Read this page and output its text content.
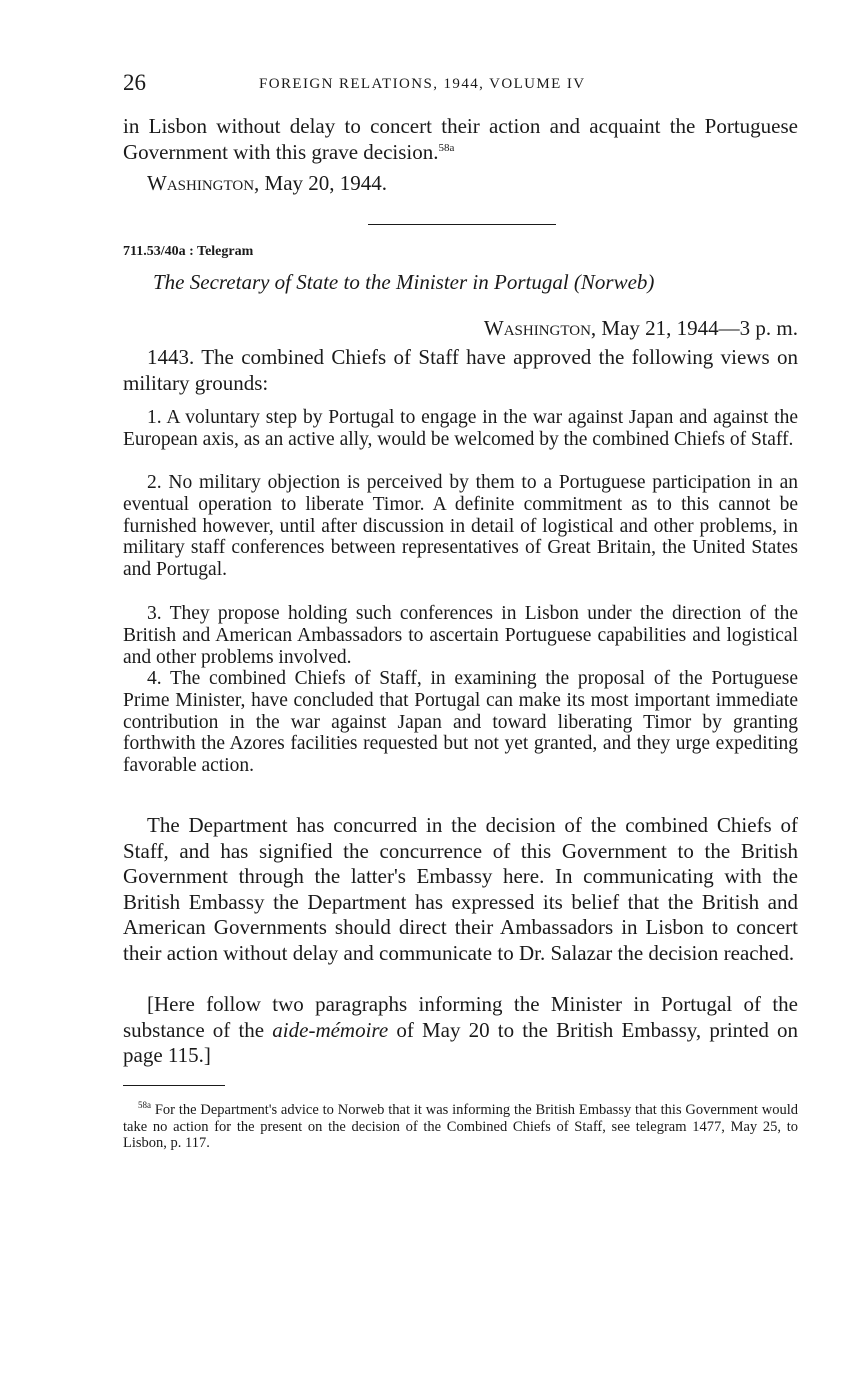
26	FOREIGN RELATIONS, 1944, VOLUME IV
in Lisbon without delay to concert their action and acquaint the Portuguese Government with this grave decision.$^{58a}$
Washington, May 20, 1944.
711.53/40a : Telegram
The Secretary of State to the Minister in Portugal (Norweb)
Washington, May 21, 1944—3 p. m.
1443. The combined Chiefs of Staff have approved the following views on military grounds:
1. A voluntary step by Portugal to engage in the war against Japan and against the European axis, as an active ally, would be welcomed by the combined Chiefs of Staff.
2. No military objection is perceived by them to a Portuguese participation in an eventual operation to liberate Timor. A definite commitment as to this cannot be furnished however, until after discussion in detail of logistical and other problems, in military staff conferences between representatives of Great Britain, the United States and Portugal.
3. They propose holding such conferences in Lisbon under the direction of the British and American Ambassadors to ascertain Portuguese capabilities and logistical and other problems involved.
4. The combined Chiefs of Staff, in examining the proposal of the Portuguese Prime Minister, have concluded that Portugal can make its most important immediate contribution in the war against Japan and toward liberating Timor by granting forthwith the Azores facilities requested but not yet granted, and they urge expediting favorable action.
The Department has concurred in the decision of the combined Chiefs of Staff, and has signified the concurrence of this Government to the British Government through the latter's Embassy here. In communicating with the British Embassy the Department has expressed its belief that the British and American Governments should direct their Ambassadors in Lisbon to concert their action without delay and communicate to Dr. Salazar the decision reached.
[Here follow two paragraphs informing the Minister in Portugal of the substance of the aide-mémoire of May 20 to the British Embassy, printed on page 115.]
$^{58a}$ For the Department's advice to Norweb that it was informing the British Embassy that this Government would take no action for the present on the decision of the Combined Chiefs of Staff, see telegram 1477, May 25, to Lisbon, p. 117.
